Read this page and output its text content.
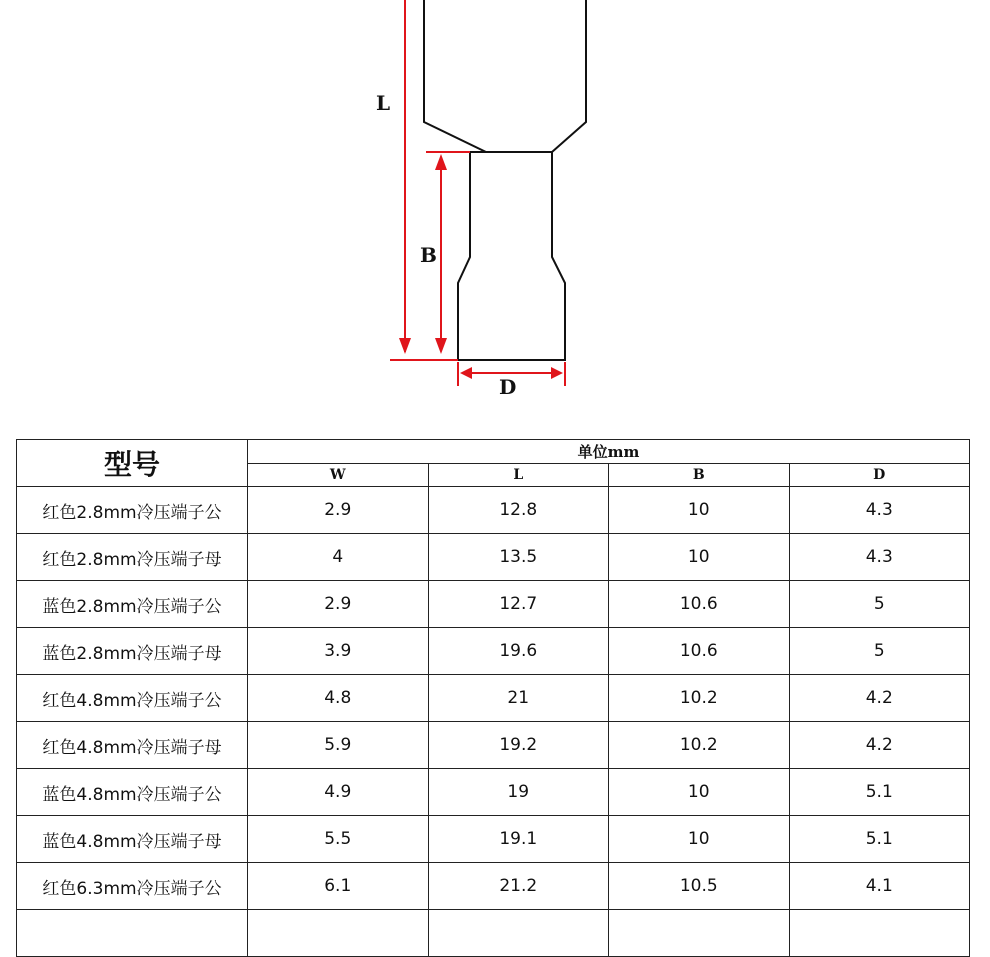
L
B
D
型号	单位mm			
	W	L	B	D
红色2.8mm冷压端子公	2.9	12.8	10	4.3
红色2.8mm冷压端子母	4	13.5	10	4.3
蓝色2.8mm冷压端子公	2.9	12.7	10.6	5
蓝色2.8mm冷压端子母	3.9	19.6	10.6	5
红色4.8mm冷压端子公	4.8	21	10.2	4.2
红色4.8mm冷压端子母	5.9	19.2	10.2	4.2
蓝色4.8mm冷压端子公	4.9	19	10	5.1
蓝色4.8mm冷压端子母	5.5	19.1	10	5.1
红色6.3mm冷压端子公	6.1	21.2	10.5	4.1
